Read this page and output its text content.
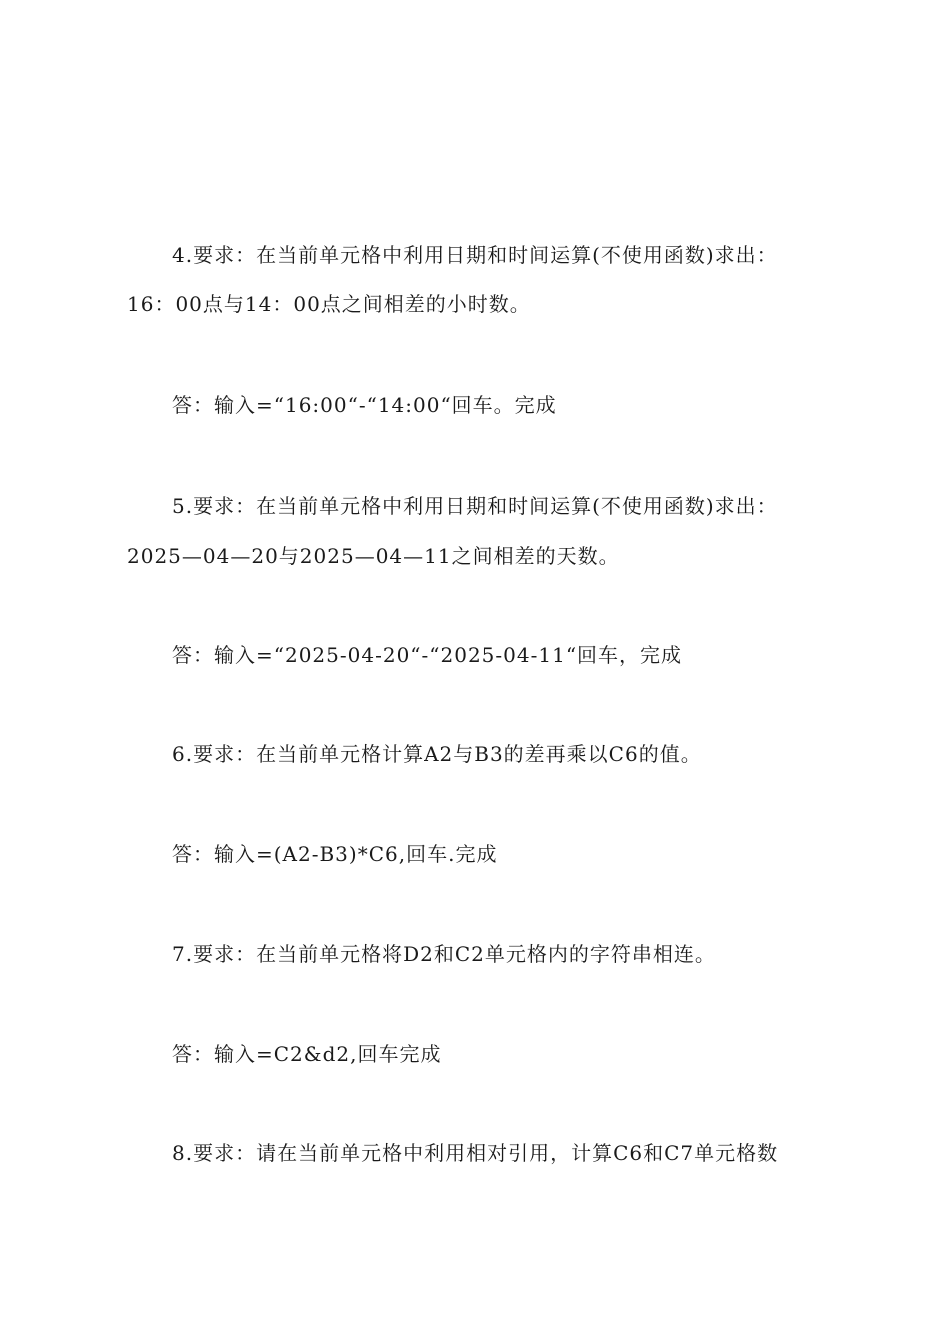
4.要求：在当前单元格中利用日期和时间运算(不使用函数)求出：
16：00点与14：00点之间相差的小时数。
答：输入=“16:00“-“14:00“回车。完成
5.要求：在当前单元格中利用日期和时间运算(不使用函数)求出：
2025—04—20与2025—04—11之间相差的天数。
答：输入=“2025-04-20“-“2025-04-11“回车，完成
6.要求：在当前单元格计算A2与B3的差再乘以C6的值。
答：输入=(A2-B3)*C6,回车.完成
7.要求：在当前单元格将D2和C2单元格内的字符串相连。
答：输入=C2&d2,回车完成
8.要求：请在当前单元格中利用相对引用，计算C6和C7单元格数
